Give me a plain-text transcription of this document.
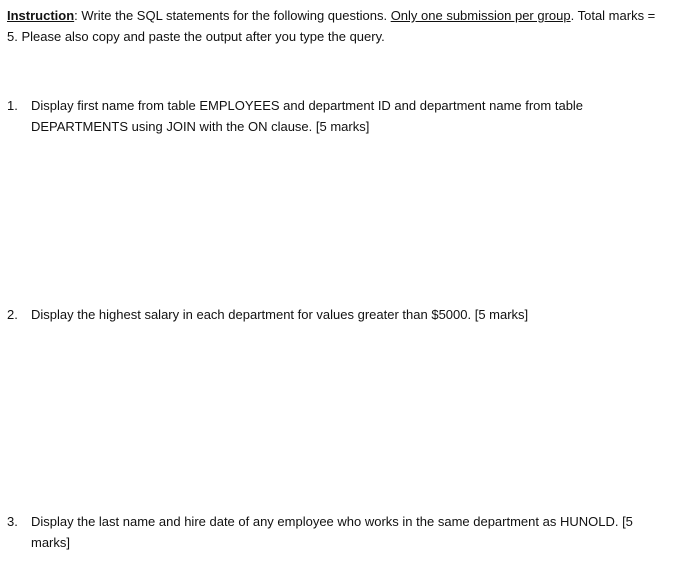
Instruction: Write the SQL statements for the following questions. Only one submission per group. Total marks = 5. Please also copy and paste the output after you type the query.

1.	Display first name from table EMPLOYEES and department ID and department name from table DEPARTMENTS using JOIN with the ON clause. [5 marks]
2.	Display the highest salary in each department for values greater than $5000. [5 marks]
3.	Display the last name and hire date of any employee who works in the same department as HUNOLD. [5 marks]
